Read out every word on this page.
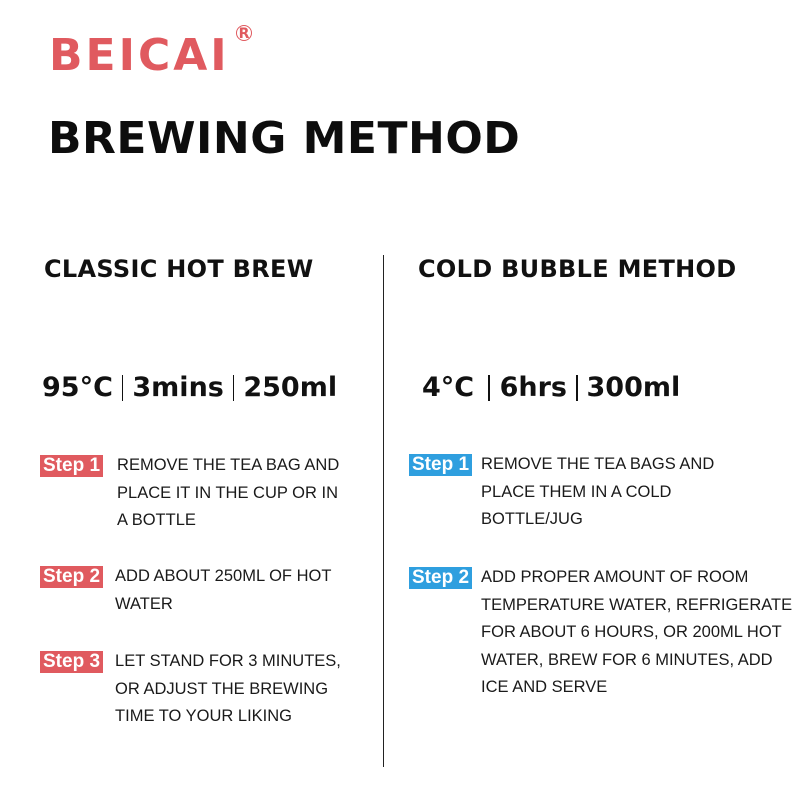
BEICAI R
BREWING METHOD
CLASSIC HOT BREW
95°C 3mins 250ml
Step 1 REMOVE THE TEA BAG AND
PLACE IT IN THE CUP OR IN
A BOTTLE
Step 2 ADD ABOUT 250ML OF HOT
WATER
Step 3 LET STAND FOR 3 MINUTES,
OR ADJUST THE BREWING
TIME TO YOUR LIKING
COLD BUBBLE METHOD
4°C 6hrs 300ml
Step 1 REMOVE THE TEA BAGS AND
PLACE THEM IN A COLD
BOTTLE/JUG
Step 2 ADD PROPER AMOUNT OF ROOM
TEMPERATURE WATER, REFRIGERATE
FOR ABOUT 6 HOURS, OR 200ML HOT
WATER, BREW FOR 6 MINUTES, ADD
ICE AND SERVE
